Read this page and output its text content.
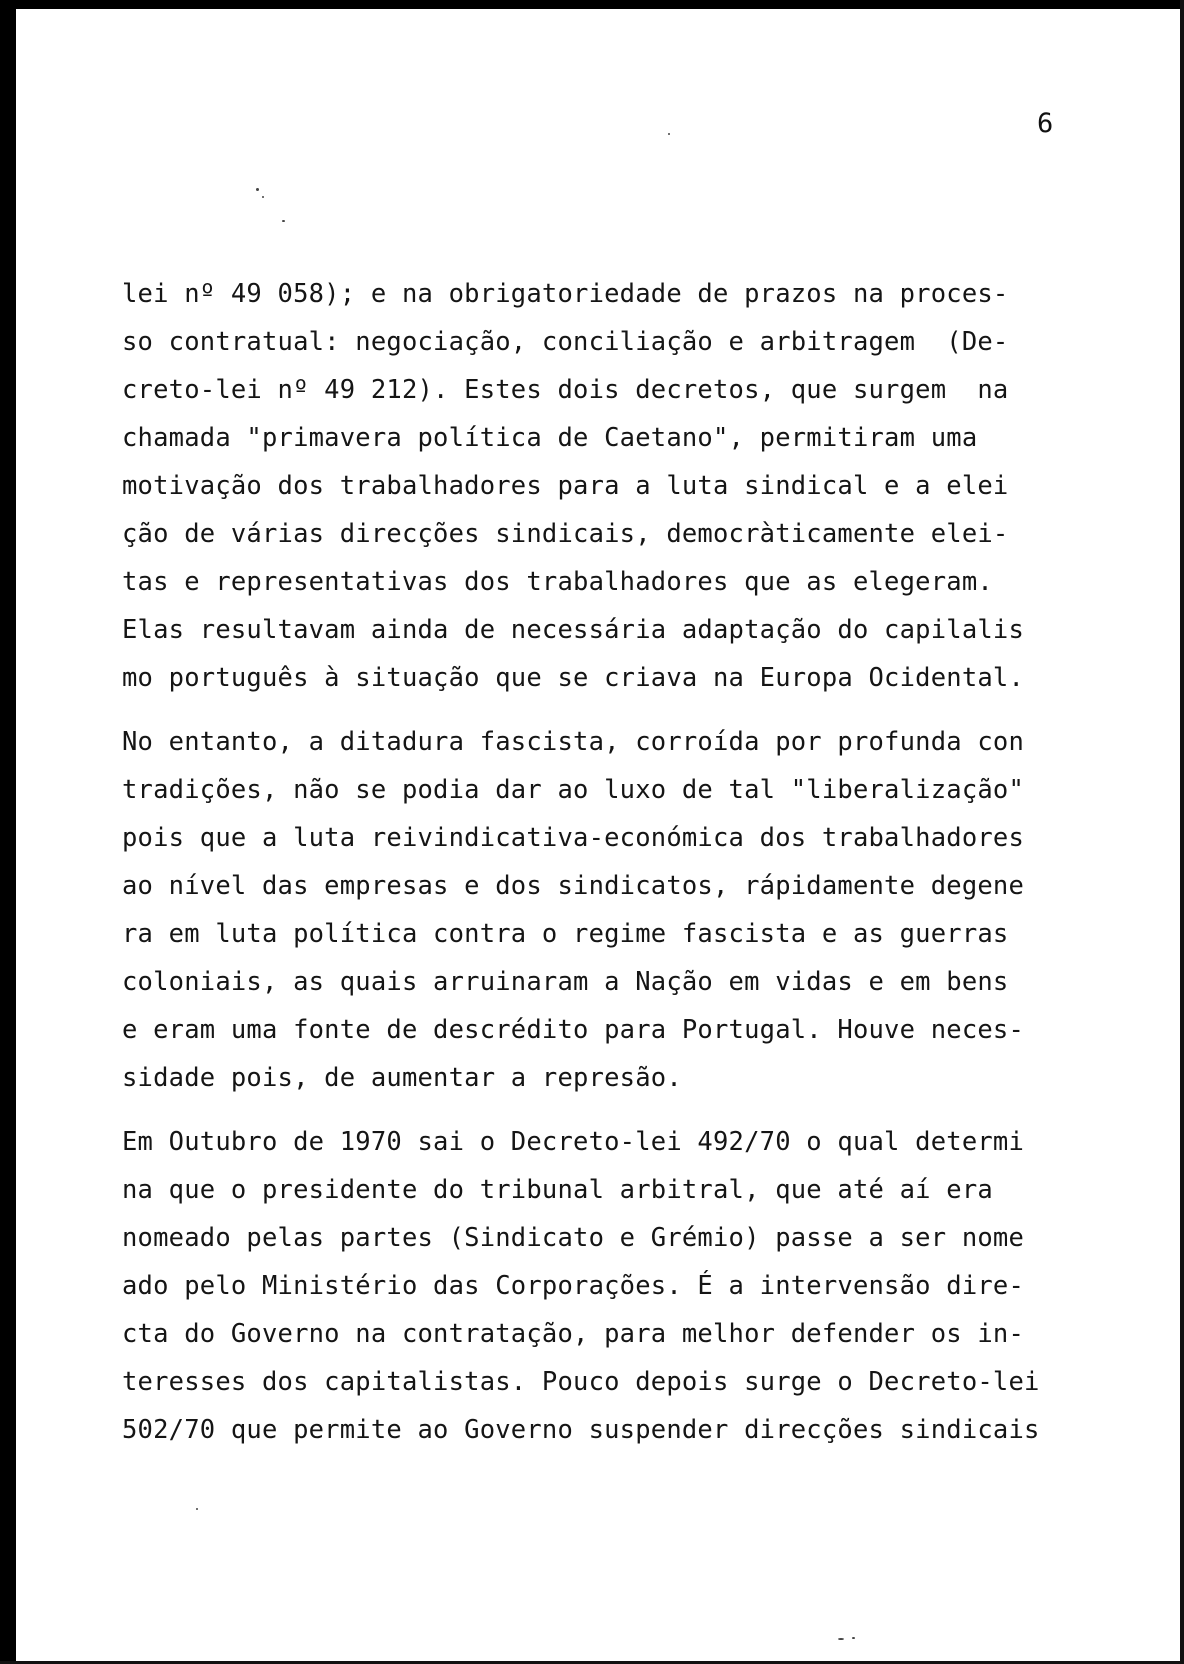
6
lei nº 49 058); e na obrigatoriedade de prazos na proces-
so contratual: negociação, conciliação e arbitragem  (De-
creto-lei nº 49 212). Estes dois decretos, que surgem  na
chamada "primavera política de Caetano", permitiram uma
motivação dos trabalhadores para a luta sindical e a elei
ção de várias direcções sindicais, democràticamente elei-
tas e representativas dos trabalhadores que as elegeram.
Elas resultavam ainda de necessária adaptação do capilalis
mo português à situação que se criava na Europa Ocidental.
No entanto, a ditadura fascista, corroída por profunda con
tradições, não se podia dar ao luxo de tal "liberalização"
pois que a luta reivindicativa-económica dos trabalhadores
ao nível das empresas e dos sindicatos, rápidamente degene
ra em luta política contra o regime fascista e as guerras
coloniais, as quais arruinaram a Nação em vidas e em bens
e eram uma fonte de descrédito para Portugal. Houve neces-
sidade pois, de aumentar a represão.
Em Outubro de 1970 sai o Decreto-lei 492/70 o qual determi
na que o presidente do tribunal arbitral, que até aí era
nomeado pelas partes (Sindicato e Grémio) passe a ser nome
ado pelo Ministério das Corporações. É a intervensão dire-
cta do Governo na contratação, para melhor defender os in-
teresses dos capitalistas. Pouco depois surge o Decreto-lei
502/70 que permite ao Governo suspender direcções sindicais
